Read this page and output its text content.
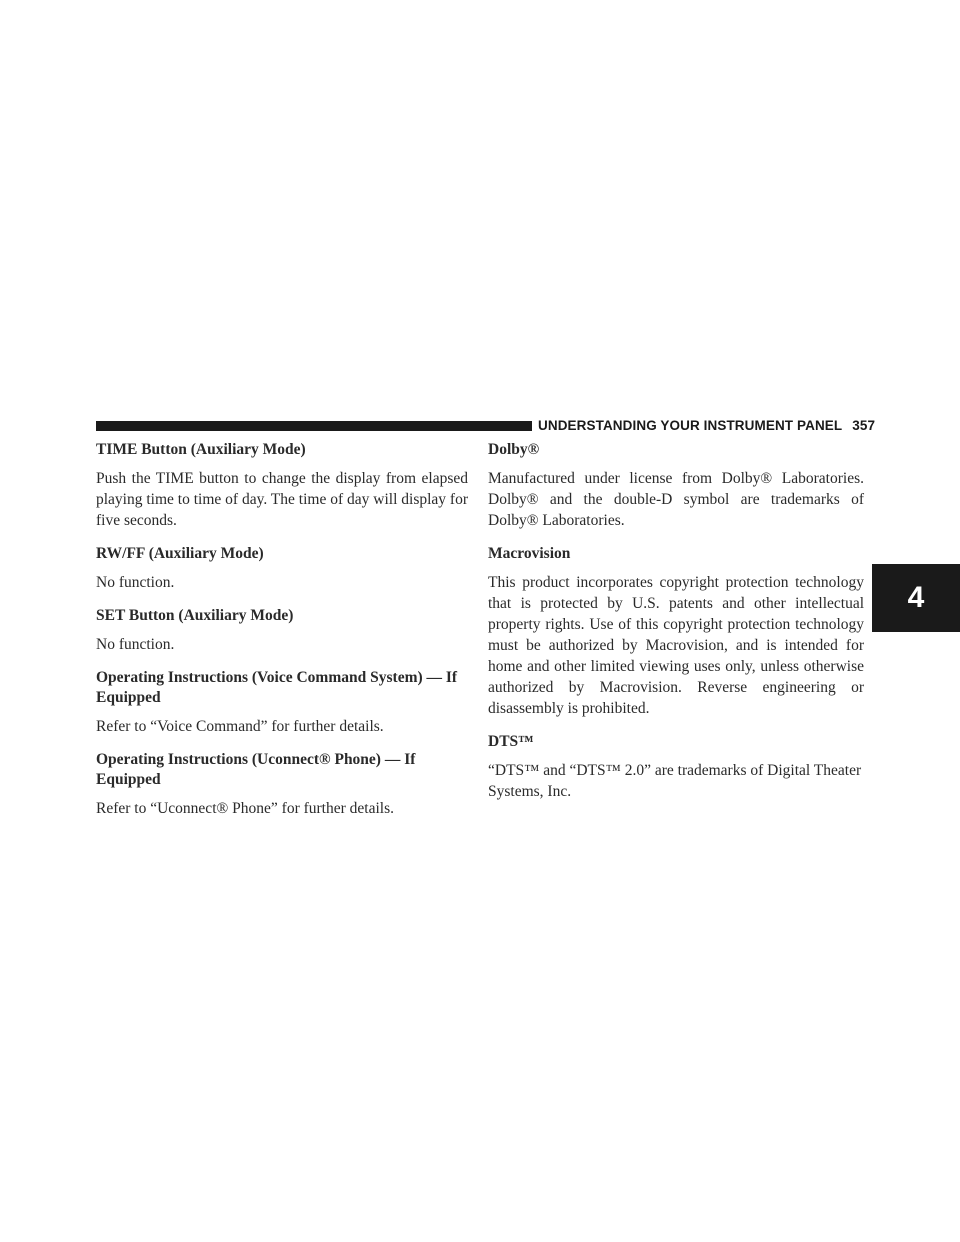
UNDERSTANDING YOUR INSTRUMENT PANEL 357
4
TIME Button (Auxiliary Mode)

Push the TIME button to change the display from elapsed playing time to time of day. The time of day will display for five seconds.

RW/FF (Auxiliary Mode)

No function.

SET Button (Auxiliary Mode)

No function.

Operating Instructions (Voice Command System) — If Equipped

Refer to “Voice Command” for further details.

Operating Instructions (Uconnect® Phone) — If Equipped

Refer to “Uconnect® Phone” for further details.

Dolby®

Manufactured under license from Dolby® Laboratories. Dolby® and the double-D symbol are trademarks of Dolby® Laboratories.

Macrovision

This product incorporates copyright protection technology that is protected by U.S. patents and other intellectual property rights. Use of this copyright protection technology must be authorized by Macrovision, and is intended for home and other limited viewing uses only, unless otherwise authorized by Macrovision. Reverse engineering or disassembly is prohibited.

DTS™

“DTS™ and “DTS™ 2.0” are trademarks of Digital Theater Systems, Inc.
